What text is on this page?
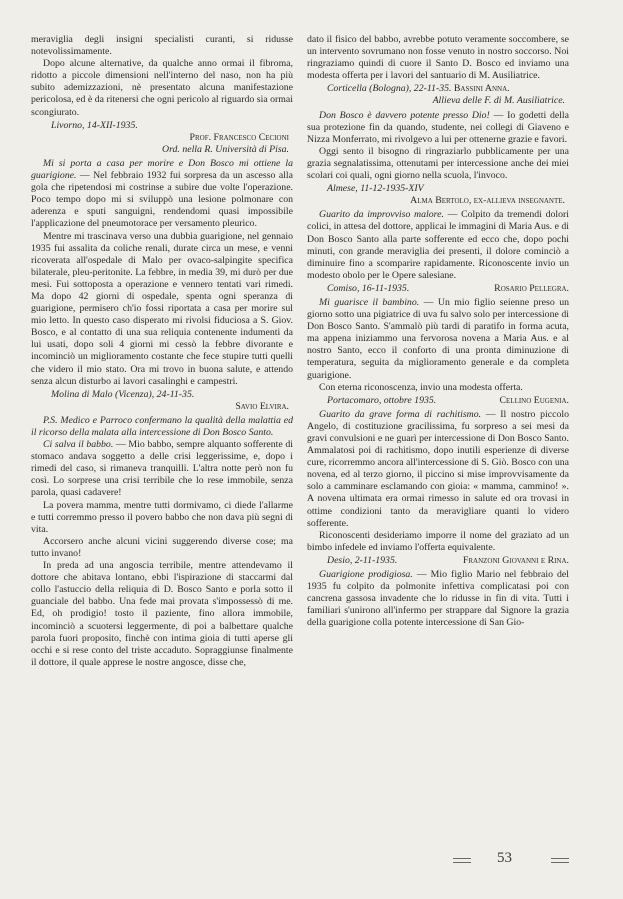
meraviglia degli insigni specialisti curanti, si ridusse notevolissimamente.

Dopo alcune alternative, da qualche anno ormai il fibroma, ridotto a piccole dimensioni nell'interno del naso, non ha più subito ademizzazioni, nè presentato alcuna manifestazione pericolosa, ed è da ritenersi che ogni pericolo al riguardo sia ormai scongiurato.

Livorno, 14-XII-1935.
Prof. Francesco Cecioni
Ord. nella R. Università di Pisa.

Mi si porta a casa per morire e Don Bosco mi ottiene la guarigione. — Nel febbraio 1932 fui sorpresa da un ascesso alla gola che ripetendosi mi costrinse a subire due volte l'operazione. Poco tempo dopo mi si sviluppò una lesione polmonare con aderenza e sputi sanguigni, rendendomi quasi impossibile l'applicazione del pneumotorace per versamento pleurico.

Mentre mi trascinava verso una dubbia guarigione, nel gennaio 1935 fui assalita da coliche renali, durate circa un mese, e venni ricoverata all'ospedale di Malo per ovaco-salpingite specifica bilaterale, pleu-peritonite. La febbre, in media 39, mi durò per due mesi. Fui sottoposta a operazione e vennero tentati vari rimedi. Ma dopo 42 giorni di ospedale, spenta ogni speranza di guarigione, permisero ch'io fossi riportata a casa per morire sul mio letto. In questo caso disperato mi rivolsi fiduciosa a S. Giov. Bosco, e al contatto di una sua reliquia contenente indumenti da lui usati, dopo soli 4 giorni mi cessò la febbre divorante e incominciò un miglioramento costante che fece stupire tutti quelli che videro il mio stato. Ora mi trovo in buona salute, e attendo senza alcun disturbo ai lavori casalinghi e campestri.

Molina di Malo (Vicenza), 24-11-35.
Savio Elvira.

P.S. Medico e Parroco confermano la qualità della malattia ed il ricorso della malata alla intercessione di Don Bosco Santo.

Ci salva il babbo. — Mio babbo, sempre alquanto sofferente di stomaco andava soggetto a delle crisi leggerissime, e, dopo i rimedi del caso, si rimaneva tranquilli. L'altra notte però non fu così. Lo sorprese una crisi terribile che lo rese immobile, senza parola, quasi cadavere!

La povera mamma, mentre tutti dormivamo, ci diede l'allarme e tutti corremmo presso il povero babbo che non dava più segni di vita.

Accorsero anche alcuni vicini suggerendo diverse cose; ma tutto invano!

In preda ad una angoscia terribile, mentre attendevamo il dottore che abitava lontano, ebbi l'ispirazione di staccarmi dal collo l'astuccio della reliquia di D. Bosco Santo e porla sotto il guanciale del babbo. Una fede mai provata s'impossessò di me. Ed, oh prodigio! tosto il paziente, fino allora immobile, incominciò a scuotersi leggermente, di poi a balbettare qualche parola fuori proposito, finchè con intima gioia di tutti aperse gli occhi e si rese conto del triste accaduto. Sopraggiunse finalmente il dottore, il quale apprese le nostre angosce, disse che,

dato il fisico del babbo, avrebbe potuto veramente soccombere, se un intervento sovrumano non fosse venuto in nostro soccorso. Noi ringraziamo quindi di cuore il Santo D. Bosco ed inviamo una modesta offerta per i lavori del santuario di M. Ausiliatrice.

Corticella (Bologna), 22-11-35. Bassini Anna.
Allieva delle F. di M. Ausiliatrice.

Don Bosco è davvero potente presso Dio! — Io godetti della sua protezione fin da quando, studente, nei collegi di Giaveno e Nizza Monferrato, mi rivolgevo a lui per ottenerne grazie e favori.

Oggi sento il bisogno di ringraziarlo pubblicamente per una grazia segnalatissima, ottenutami per intercessione anche dei miei scolari coi quali, ogni giorno nella scuola, l'invoco.

Almese, 11-12-1935-XIV
Alma Bertolo, ex-allieva insegnante.

Guarito da improvviso malore. — Colpito da tremendi dolori colici, in attesa del dottore, applicai le immagini di Maria Aus. e di Don Bosco Santo alla parte sofferente ed ecco che, dopo pochi minuti, con grande meraviglia dei presenti, il dolore cominciò a diminuire fino a scomparire rapidamente. Riconoscente invio un modesto obolo per le Opere salesiane.

Comiso, 16-11-1935.	Rosario Pellegra.

Mi guarisce il bambino. — Un mio figlio seienne preso un giorno sotto una pigiatrice di uva fu salvo solo per intercessione di Don Bosco Santo. S'ammalò più tardi di paratifo in forma acuta, ma appena iniziammo una fervorosa novena a Maria Aus. e al nostro Santo, ecco il conforto di una pronta diminuzione di temperatura, seguita da miglioramento generale e da completa guarigione.

Con eterna riconoscenza, invio una modesta offerta.

Portacomaro, ottobre 1935.	Cellino Eugenia.

Guarito da grave forma di rachitismo. — Il nostro piccolo Angelo, di costituzione gracilissima, fu sorpreso a sei mesi da gravi convulsioni e ne guarì per intercessione di Don Bosco Santo. Ammalatosi poi di rachitismo, dopo inutili esperienze di diverse cure, ricorremmo ancora all'intercessione di S. Giò. Bosco con una novena, ed al terzo giorno, il piccino si mise improvvisamente da solo a camminare esclamando con gioia: « mamma, cammino! ». A novena ultimata era ormai rimesso in salute ed ora trovasi in ottime condizioni tanto da meravigliare quanti lo videro sofferente.

Riconoscenti desideriamo imporre il nome del graziato ad un bimbo infedele ed inviamo l'offerta equivalente.

Desio, 2-11-1935.	Franzoni Giovanni e Rina.

Guarigione prodigiosa. — Mio figlio Mario nel febbraio del 1935 fu colpito da polmonite infettiva complicatasi poi con cancrena gassosa invadente che lo ridusse in fin di vita. Tutti i familiari s'unirono all'infermo per strappare dal Signore la grazia della guarigione colla potente intercessione di San Gio-

53
